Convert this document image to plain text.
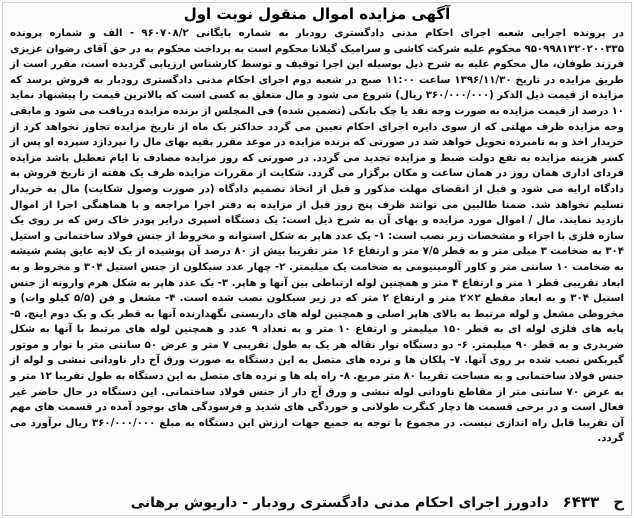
آگهی مزایده اموال منقول نوبت اول

در پرونده اجرایی شعبه اجرای احکام مدنی دادگستری رودبار به شماره بایگانی ۹۶۰۷۰۸/۲ - الف و شماره پرونده ۹۵۰۹۹۸۱۳۲۰۲۰۰۳۳۵ محکوم علیه شرکت کاشی و سرامیک گیلانا محکوم است به پرداخت محکوم به در حق آقای رضوان عزیزی فرزند طوفان، مال محکوم علیه به شرح ذیل بوسیله این اجرا توقیف و توسط کارشناس ارزیابی گردیده است، مقرر است از طریق مزایده در تاریخ ۱۳۹۶/۱۱/۳۰ ساعت ۱۱:۰۰ صبح در شعبه دوم اجرای احکام مدنی دادگستری رودبار به فروش برسد که مزایده از قیمت ذیل الذکر (۳۶۰/۰۰۰/۰۰۰ ریال) شروع می شود و مال متعلق به کسی است که بالاترین قیمت را پیشنهاد نماید ۱۰ درصد از قیمت مزایده به صورت وجه نقد یا چک بانکی (تضمین شده) فی المجلس از برنده مزایده دریافت می شود و مابقی وجه مزایده ظرف مهلتی که از سوی دایره اجرای احکام تعیین می گردد حداکثر یک ماه از تاریخ مزایده تجاوز نخواهد کرد از خریدار اخذ و به نامبرده تحویل خواهد شد در صورتی که برنده مزایده در موعد مقرر بقیه بهای مال را نپردازد سپرده او پس از کسر هزینه مزایده به نفع دولت ضبط و مزایده تجدید می گردد. در صورتی که روز مزایده مصادف با ایام تعطیل باشد مزایده فردای اداری همان روز در همان ساعت و مکان برگزار می گردد. شکایت از مقررات مزایده ظرف یک هفته از تاریخ فروش به دادگاه ارایه می شود و قبل از انقضای مهلت مذکور و قبل از اتخاذ تصمیم دادگاه (در صورت وصول شکایت) مال به خریدار تسلیم نخواهد شد. ضمنا طالبین می توانند ظرف پنج روز قبل از مزایده به دفتر اجرا مراجعه و با هماهنگی اجرا از اموال بازدید نمایند. مال / اموال مورد مزایده و بهای آن به شرح ذیل است: یک دستگاه اسپری درایر پودر خاک رس که بر روی یک سازه فلزی با اجزاء و مشخصات زیر نصب است: ۱- یک عدد هاپر به شکل استوانه و مخروط از جنس فولاد ساختمانی و استیل ۳۰۴ به ضخامت ۳ میلی متر و به قطر ۷/۵ متر و ارتفاع ۱۶ متر تقریبا بیش از ۸۰ درصد آن پوشیده از یک لایه عایق پشم شیشه به ضخامت ۱۰ سانتی متر و کاور آلومینیومی به ضخامت یک میلیمتر. ۲- چهار عدد سیکلون از جنس استیل ۳۰۴ و مخروط و به ابعاد تقریبی قطر ۱ متر و ارتفاع ۴ متر و همچنین لوله ارتباطی بین آنها و هاپر. ۳- یک عدد هاپر به شکل هرم وارونه از جنس استیل ۳۰۴ و به ابعاد مقطع ۲×۲ متر و ارتفاع ۲ متر که در زیر سیکلون نصب شده است. ۴- مشعل و فن (۵/۵ کیلو وات) و مخروطی مشعل و لوله مرتبط به بالای هاپر اصلی و همچنین لوله های داربستی نگهدارنده آنها به قطر یک و یک دوم اینچ. ۵- پایه های فلزی لوله ای به قطر ۱۵۰ میلیمتر و ارتفاع ۱۰ متر و به تعداد ۹ عدد و همچنین لوله های مرتبط با آنها به شکل ضربدری و به قطر ۹۰ میلیمتر. ۶- دو دستگاه نوار نقاله هر یک به طول تقریبی ۷ متر و عرض ۵۰ سانتی متر با نوار و موتور گیربکس نصب شده بر روی آنها. ۷- پلکان ها و نرده های متصل به این دستگاه به صورت ورق آج دار ناودانی نبشی و لوله از جنس فولاد ساختمانی و به مساحت تقریبا ۸۰ متر مربع. ۸- راه پله ها و نرده های متصل به این دستگاه به طول تقریبا ۱۲ متر و به عرض ۷۰ سانتی متر از مقاطع ناودانی لوله نبشی و ورق آج دار از جنس فولاد ساختمانی. این دستگاه در حال حاضر غیر فعال است و در برخی قسمت ها دچار کنگرت طولانی و خوردگی های شدید و فرسودگی های بوجود آمده در قسمت های مهم آن تقریبا قابل راه اندازی نیست. در مجموع با توجه به جمیع جهات ارزش این دستگاه به مبلغ ۳۶۰/۰۰۰/۰۰۰ ریال برآورد می گردد.

ح
۶۴۳۳
دادورز اجرای احکام مدنی دادگستری رودبار - داریوش برهانی
